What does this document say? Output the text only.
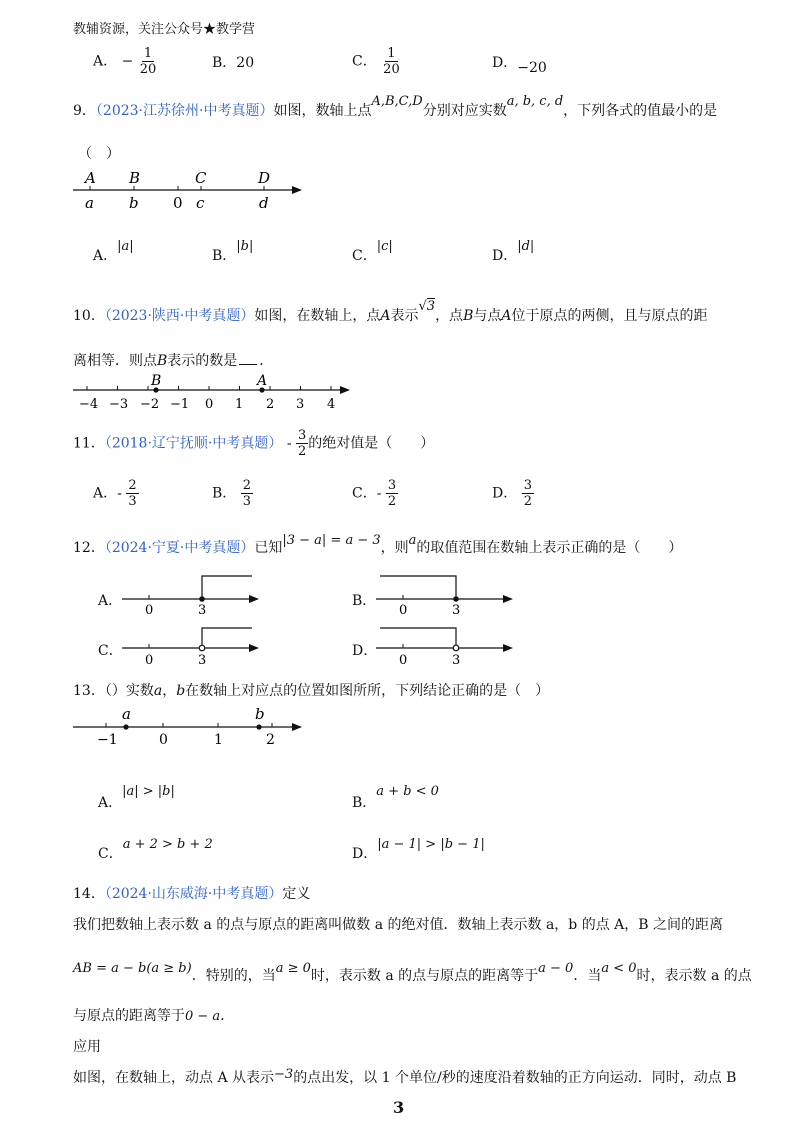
教辅资源，关注公众号★教学营
A． − $\frac{1}{20}$	B．20	C． $\frac{1}{20}$	D．−20
9．（2023·江苏徐州·中考真题）如图，数轴上点A,B,C,D分别对应实数a, b, c, d，下列各式的值最小的是
（　）
A B	C	D
a b 0 c	d
A．|a|
B．|b|
C．|c|
D．|d|
10．（2023·陕西·中考真题）如图，在数轴上，点A表示√3，点B与点A位于原点的两侧，且与原点的距
离相等．则点B表示的数是 ．
B	A
−4 −3 −2 −1 0 1 2 3 4
11．（2018·辽宁抚顺·中考真题） - $\frac{3}{2}$ 的绝对值是（　　）
A．- $\frac{2}{3}$	B． $\frac{2}{3}$	C．- $\frac{3}{2}$	D． $\frac{3}{2}$
12．（2024·宁夏·中考真题）已知|3 − a| = a − 3，则a的取值范围在数轴上表示正确的是（　　）
A．
0	3
B．
0	3
C．
0	3
D．
0	3
13．（）实数a，b在数轴上对应点的位置如图所所，下列结论正确的是（　）
a	b
−1	0	1	2
A．|a| > |b|
B．a + b < 0
C．a + 2 > b + 2
D．|a − 1| > |b − 1|
14．（2024·山东威海·中考真题）定义
我们把数轴上表示数 a 的点与原点的距离叫做数 a 的绝对值．数轴上表示数 a，b 的点 A，B 之间的距离
AB = a − b(a ≥ b)．特别的，当a ≥ 0时，表示数 a 的点与原点的距离等于a − 0．当a < 0时，表示数 a 的点
与原点的距离等于0 − a．
应用
如图，在数轴上，动点 A 从表示−3的点出发，以 1 个单位/秒的速度沿着数轴的正方向运动．同时，动点 B
3
